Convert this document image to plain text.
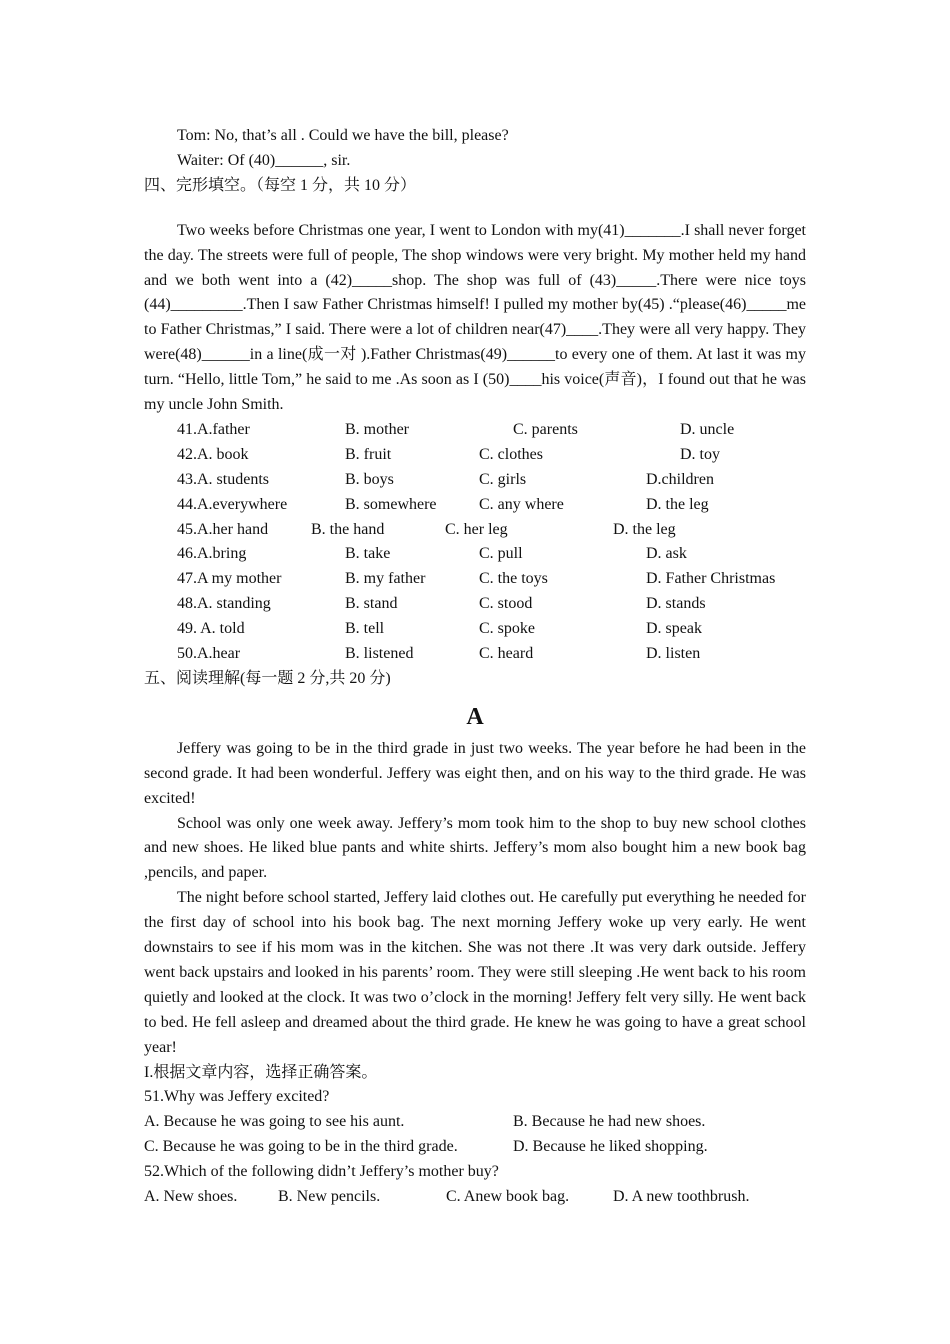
Tom: No, that’s all . Could we have the bill, please?

Waiter: Of (40)______, sir.

四、完形填空。（每空 1 分，共 10 分）

Two weeks before Christmas one year, I went to London with my(41)_______.I shall never forget the day. The streets were full of people, The shop windows were very bright. My mother held my hand and we both went into a (42)_____shop. The shop was full of (43)_____.There were nice toys (44)_________.Then I saw Father Christmas himself! I pulled my mother by(45) .“please(46)_____me to Father Christmas,” I said. There were a lot of children near(47)____.They were all very happy. They were(48)______in a line(成一对 ).Father Christmas(49)______to every one of them. At last it was my turn. “Hello, little Tom,” he said to me .As soon as I (50)____his voice(声音)，I found out that he was my uncle John Smith.

41.A.father	B. mother	C. parents	D. uncle
42.A. book	B. fruit	C. clothes	D. toy
43.A. students	B. boys	C. girls	D.children
44.A.everywhere	B. somewhere	C. any where	D. the leg
45.A.her hand	B. the hand	C. her leg	D. the leg
46.A.bring	B. take	C. pull	D. ask
47.A my mother	B. my father	C. the toys	D. Father Christmas
48.A. standing	B. stand	C. stood	D. stands
49. A. told	B. tell	C. spoke	D. speak
50.A.hear	B. listened	C. heard	D. listen

五、阅读理解(每一题 2 分,共 20 分)

A

Jeffery was going to be in the third grade in just two weeks. The year before he had been in the second grade. It had been wonderful. Jeffery was eight then, and on his way to the third grade. He was excited!

School was only one week away. Jeffery’s mom took him to the shop to buy new school clothes and new shoes. He liked blue pants and white shirts. Jeffery’s mom also bought him a new book bag ,pencils, and paper.

The night before school started, Jeffery laid clothes out. He carefully put everything he needed for the first day of school into his book bag. The next morning Jeffery woke up very early. He went downstairs to see if his mom was in the kitchen. She was not there .It was very dark outside. Jeffery went back upstairs and looked in his parents’ room. They were still sleeping .He went back to his room quietly and looked at the clock. It was two o’clock in the morning! Jeffery felt very silly. He went back to bed. He fell asleep and dreamed about the third grade. He knew he was going to have a great school year!

I.根据文章内容，选择正确答案。

51.Why was Jeffery excited?

A. Because he was going to see his aunt.	B. Because he had new shoes.
C. Because he was going to be in the third grade.	D. Because he liked shopping.

52.Which of the following didn’t Jeffery’s mother buy?

A. New shoes.	B. New pencils.	C. Anew book bag.	D. A new toothbrush.
